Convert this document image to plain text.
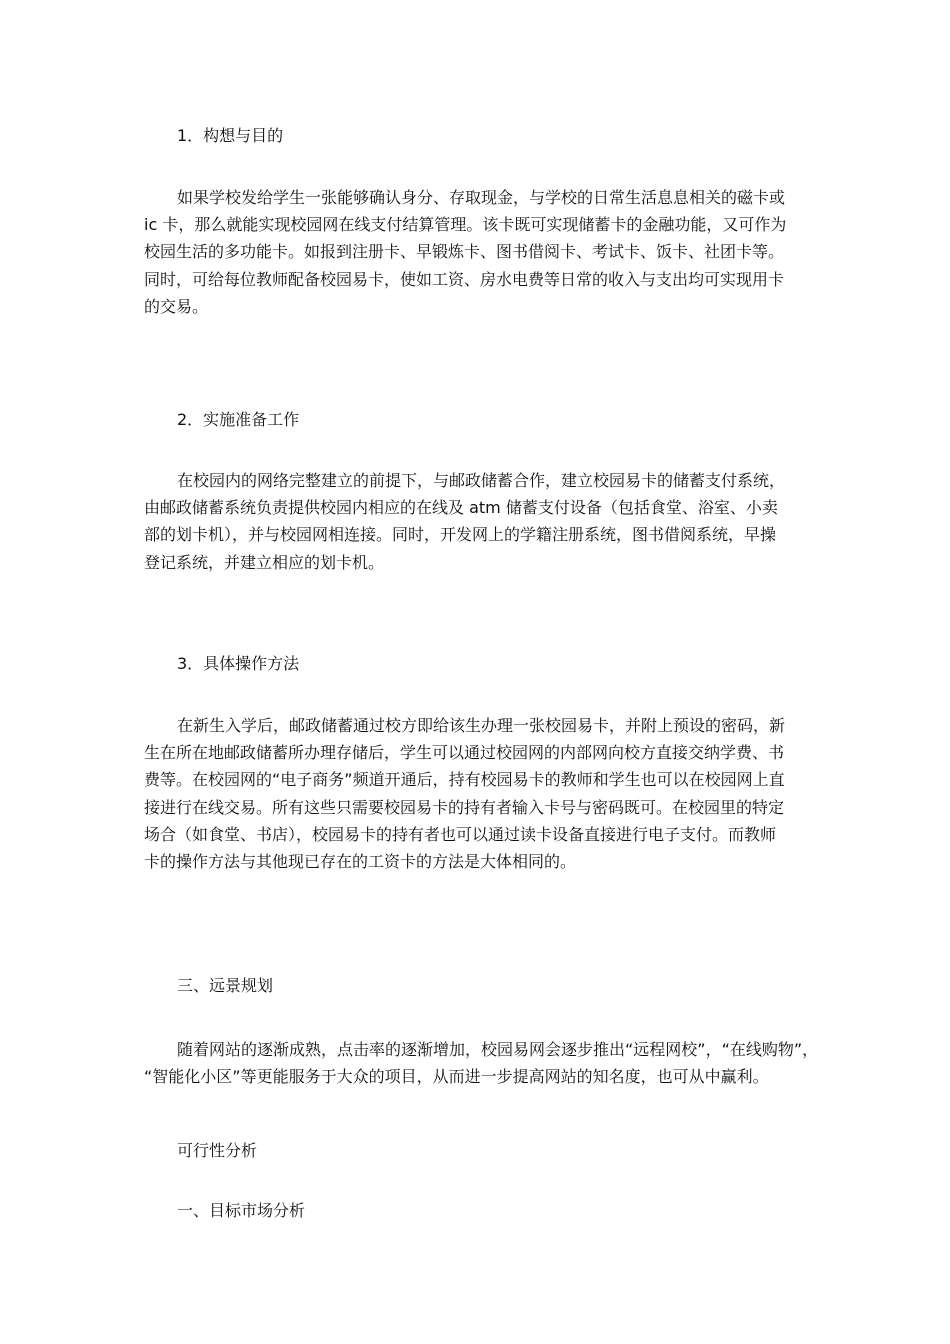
1．构想与目的
如果学校发给学生一张能够确认身分、存取现金，与学校的日常生活息息相关的磁卡或
ic 卡，那么就能实现校园网在线支付结算管理。该卡既可实现储蓄卡的金融功能，又可作为
校园生活的多功能卡。如报到注册卡、早锻炼卡、图书借阅卡、考试卡、饭卡、社团卡等。
同时，可给每位教师配备校园易卡，使如工资、房水电费等日常的收入与支出均可实现用卡
的交易。
2．实施准备工作
在校园内的网络完整建立的前提下，与邮政储蓄合作，建立校园易卡的储蓄支付系统，
由邮政储蓄系统负责提供校园内相应的在线及 atm 储蓄支付设备（包括食堂、浴室、小卖
部的划卡机），并与校园网相连接。同时，开发网上的学籍注册系统，图书借阅系统，早操
登记系统，并建立相应的划卡机。
3．具体操作方法
在新生入学后，邮政储蓄通过校方即给该生办理一张校园易卡，并附上预设的密码，新
生在所在地邮政储蓄所办理存储后，学生可以通过校园网的内部网向校方直接交纳学费、书
费等。在校园网的“电子商务”频道开通后，持有校园易卡的教师和学生也可以在校园网上直
接进行在线交易。所有这些只需要校园易卡的持有者输入卡号与密码既可。在校园里的特定
场合（如食堂、书店），校园易卡的持有者也可以通过读卡设备直接进行电子支付。而教师
卡的操作方法与其他现已存在的工资卡的方法是大体相同的。
三、远景规划
随着网站的逐渐成熟，点击率的逐渐增加，校园易网会逐步推出“远程网校”，“在线购物”，
“智能化小区”等更能服务于大众的项目，从而进一步提高网站的知名度，也可从中赢利。
可行性分析
一、目标市场分析
